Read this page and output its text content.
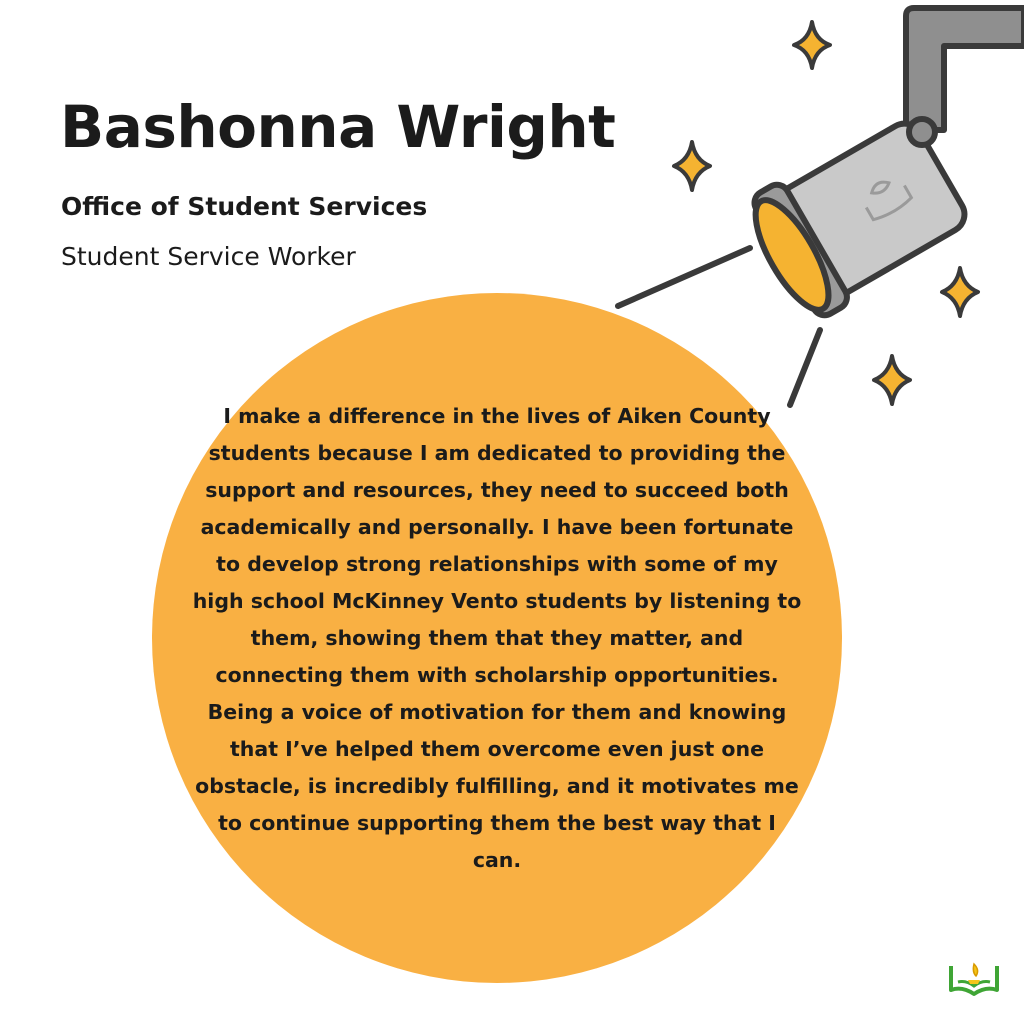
Bashonna Wright
Office of Student Services

Student Service Worker

I make a difference in the lives of Aiken County students because I am dedicated to providing the support and resources, they need to succeed both academically and personally. I have been fortunate to develop strong relationships with some of my high school McKinney Vento students by listening to them, showing them that they matter, and connecting them with scholarship opportunities. Being a voice of motivation for them and knowing that I’ve helped them overcome even just one obstacle, is incredibly fulfilling, and it motivates me to continue supporting them the best way that I can.
